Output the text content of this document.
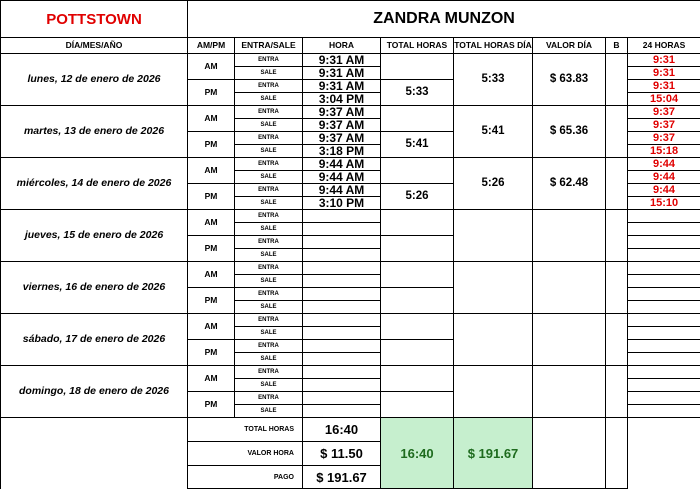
POTTSTOWN	ZANDRA MUNZON							
DÍA/MES/AÑO	AM/PM	ENTRA/SALE	HORA	TOTAL HORAS	TOTAL HORAS DÍA	VALOR DÍA	B	24 HORAS
lunes, 12 de enero de 2026	AM	ENTRA	9:31 AM		5:33	$ 63.83		9:31
		SALE	9:31 AM					9:31
	PM	ENTRA	9:31 AM	5:33				9:31
		SALE	3:04 PM					15:04
martes, 13 de enero de 2026	AM	ENTRA	9:37 AM		5:41	$ 65.36		9:37
		SALE	9:37 AM					9:37
	PM	ENTRA	9:37 AM	5:41				9:37
		SALE	3:18 PM					15:18
miércoles, 14 de enero de 2026	AM	ENTRA	9:44 AM		5:26	$ 62.48		9:44
		SALE	9:44 AM					9:44
	PM	ENTRA	9:44 AM	5:26				9:44
		SALE	3:10 PM					15:10
jueves, 15 de enero de 2026	AM	ENTRA						
		SALE						
	PM	ENTRA						
		SALE						
viernes, 16 de enero de 2026	AM	ENTRA						
		SALE						
	PM	ENTRA						
		SALE						
sábado, 17 de enero de 2026	AM	ENTRA						
		SALE						
	PM	ENTRA						
		SALE						
domingo, 18 de enero de 2026	AM	ENTRA						
		SALE						
	PM	ENTRA						
		SALE						
	TOTAL HORAS		16:40	16:40	$ 191.67			
	VALOR HORA		$ 11.50					
	PAGO		$ 191.67					
